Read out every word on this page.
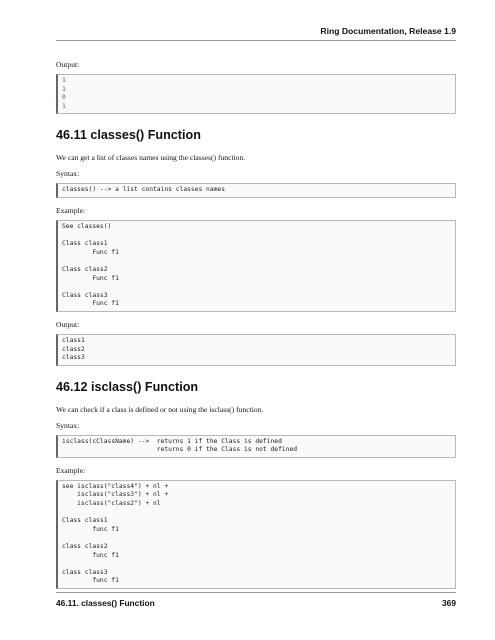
Ring Documentation, Release 1.9

Output:

1
1
0
1
46.11 classes() Function

We can get a list of classes names using the classes() function.

Syntax:

classes() --> a list contains classes names

Example:

See classes()

Class class1
Func f1

Class class2
Func f1

Class class3
Func f1

Output:

class1
class2
class3
46.12 isclass() Function

We can check if a class is defined or not using the isclass() function.

Syntax:

isclass(cClassName) -->  returns 1 if the Class is defined
returns 0 if the Class is not defined

Example:

see isclass("class4") + nl +
isclass("class3") + nl +
isclass("class2") + nl

Class class1
func f1

class class2
func f1

class class3
func f1
46.11. classes() Function	369
